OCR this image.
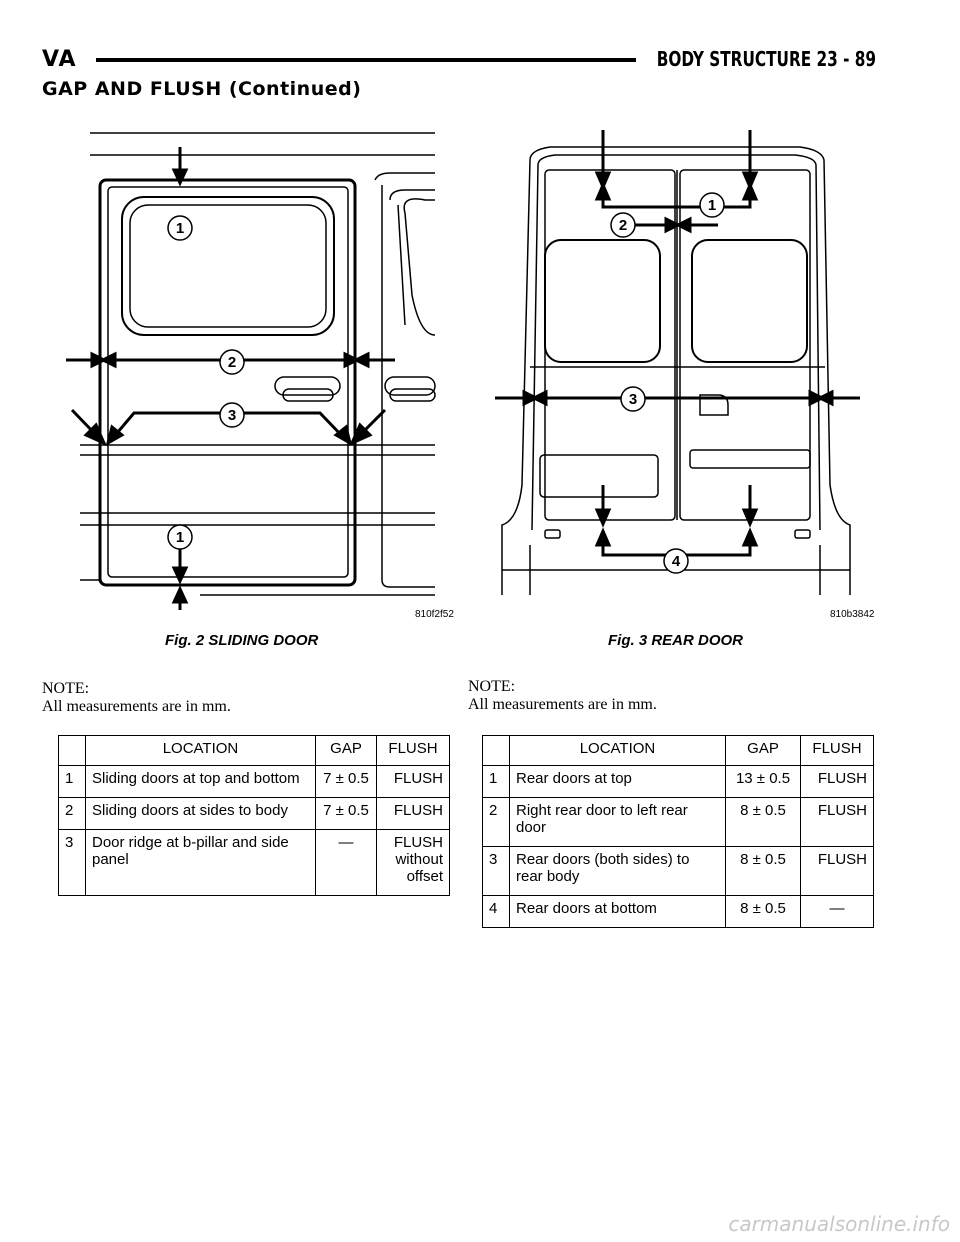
VA	BODY STRUCTURE 23 - 89
GAP AND FLUSH (Continued)
1
2
3
1
810f2f52
Fig. 2 SLIDING DOOR
1
2
3
4
810b3842
Fig. 3 REAR DOOR
NOTE:
All measurements are in mm.
NOTE:
All measurements are in mm.
	LOCATION	GAP	FLUSH
1	Sliding doors at top and bottom	7 ± 0.5	FLUSH
2	Sliding doors at sides to body	7 ± 0.5	FLUSH
3	Door ridge at b-pillar and side panel	—	FLUSH without offset
	LOCATION	GAP	FLUSH
1	Rear doors at top	13 ± 0.5	FLUSH
2	Right rear door to left rear door	8 ± 0.5	FLUSH
3	Rear doors (both sides) to rear body	8 ± 0.5	FLUSH
4	Rear doors at bottom	8 ± 0.5	—
carmanualsonline.info
